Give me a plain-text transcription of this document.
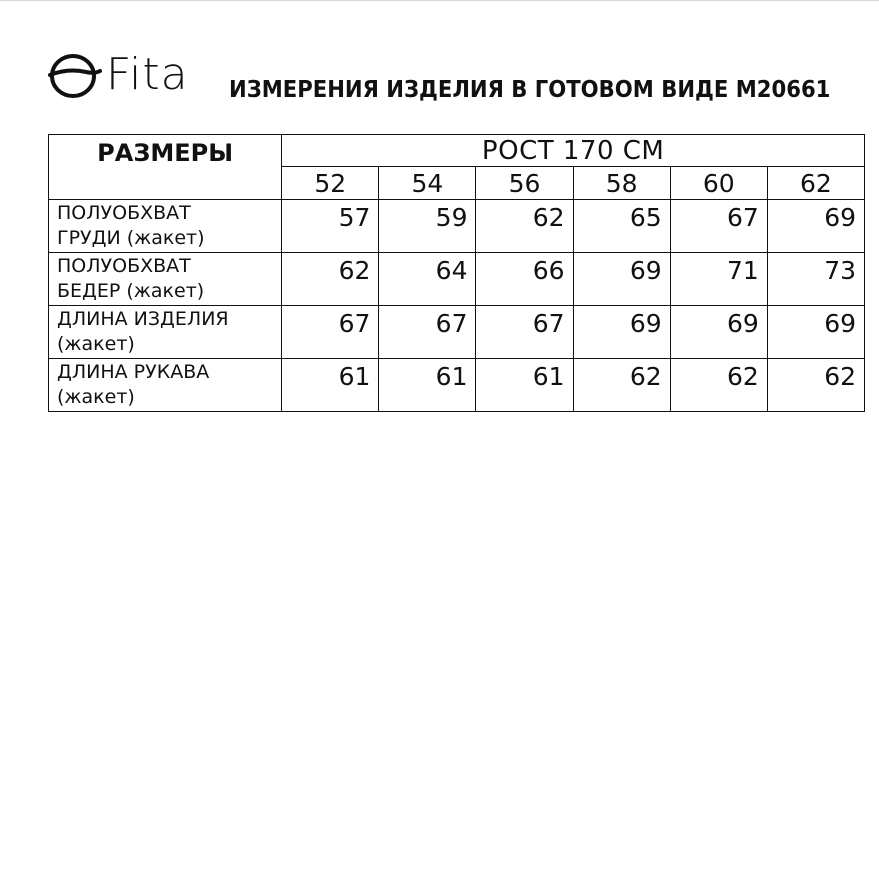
Fita ИЗМЕРЕНИЯ ИЗДЕЛИЯ В ГОТОВОМ ВИДЕ М20661
РАЗМЕРЫ	РОСТ 170 СМ					
	52	54	56	58	60	62

ПОЛУОБХВАТ
ГРУДИ (жакет)	57	59	62	65	67	69

ПОЛУОБХВАТ
БЕДЕР (жакет)	62	64	66	69	71	73

ДЛИНА ИЗДЕЛИЯ
(жакет)	67	67	67	69	69	69

ДЛИНА РУКАВА
(жакет)	61	61	61	62	62	62
